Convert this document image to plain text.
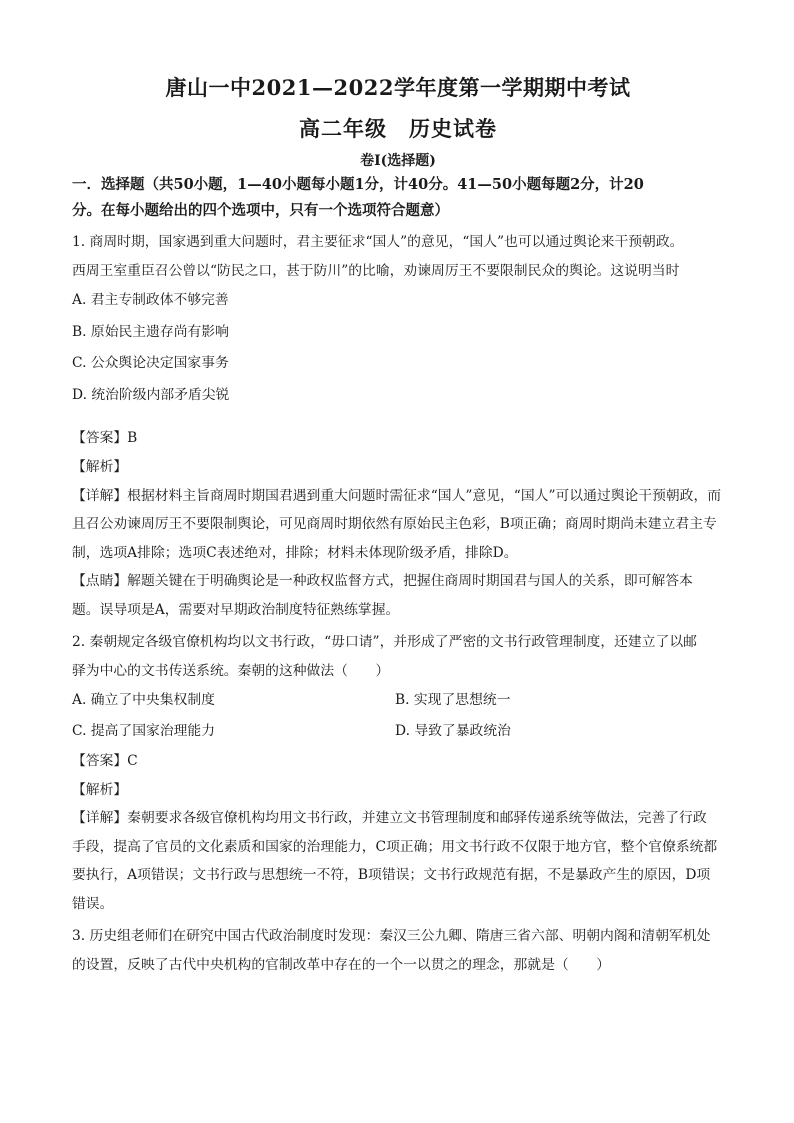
唐山一中2021—2022学年度第一学期期中考试
高二年级　历史试卷
卷Ⅰ(选择题)
一．选择题（共50小题，1—40小题每小题1分，计40分。41—50小题每题2分，计20
分。在每小题给出的四个选项中，只有一个选项符合题意）
1. 商周时期，国家遇到重大问题时，君主要征求“国人”的意见，“国人”也可以通过舆论来干预朝政。
西周王室重臣召公曾以“防民之口，甚于防川”的比喻，劝谏周厉王不要限制民众的舆论。这说明当时
A. 君主专制政体不够完善
B. 原始民主遗存尚有影响
C. 公众舆论决定国家事务
D. 统治阶级内部矛盾尖锐
【答案】B
【解析】
【详解】根据材料主旨商周时期国君遇到重大问题时需征求“国人”意见，“国人”可以通过舆论干预朝政，而
且召公劝谏周厉王不要限制舆论，可见商周时期依然有原始民主色彩，B项正确；商周时期尚未建立君主专
制，选项A排除；选项C表述绝对，排除；材料未体现阶级矛盾，排除D。
【点睛】解题关键在于明确舆论是一种政权监督方式，把握住商周时期国君与国人的关系，即可解答本
题。误导项是A，需要对早期政治制度特征熟练掌握。
2. 秦朝规定各级官僚机构均以文书行政，“毋口请”，并形成了严密的文书行政管理制度，还建立了以邮
驿为中心的文书传送系统。秦朝的这种做法（　　）
A. 确立了中央集权制度	B. 实现了思想统一
C. 提高了国家治理能力	D. 导致了暴政统治
【答案】C
【解析】
【详解】秦朝要求各级官僚机构均用文书行政，并建立文书管理制度和邮驿传递系统等做法，完善了行政
手段，提高了官员的文化素质和国家的治理能力，C项正确；用文书行政不仅限于地方官，整个官僚系统都
要执行，A项错误；文书行政与思想统一不符，B项错误；文书行政规范有据，不是暴政产生的原因，D项
错误。
3. 历史组老师们在研究中国古代政治制度时发现：秦汉三公九卿、隋唐三省六部、明朝内阁和清朝军机处
的设置，反映了古代中央机构的官制改革中存在的一个一以贯之的理念，那就是（　　）
